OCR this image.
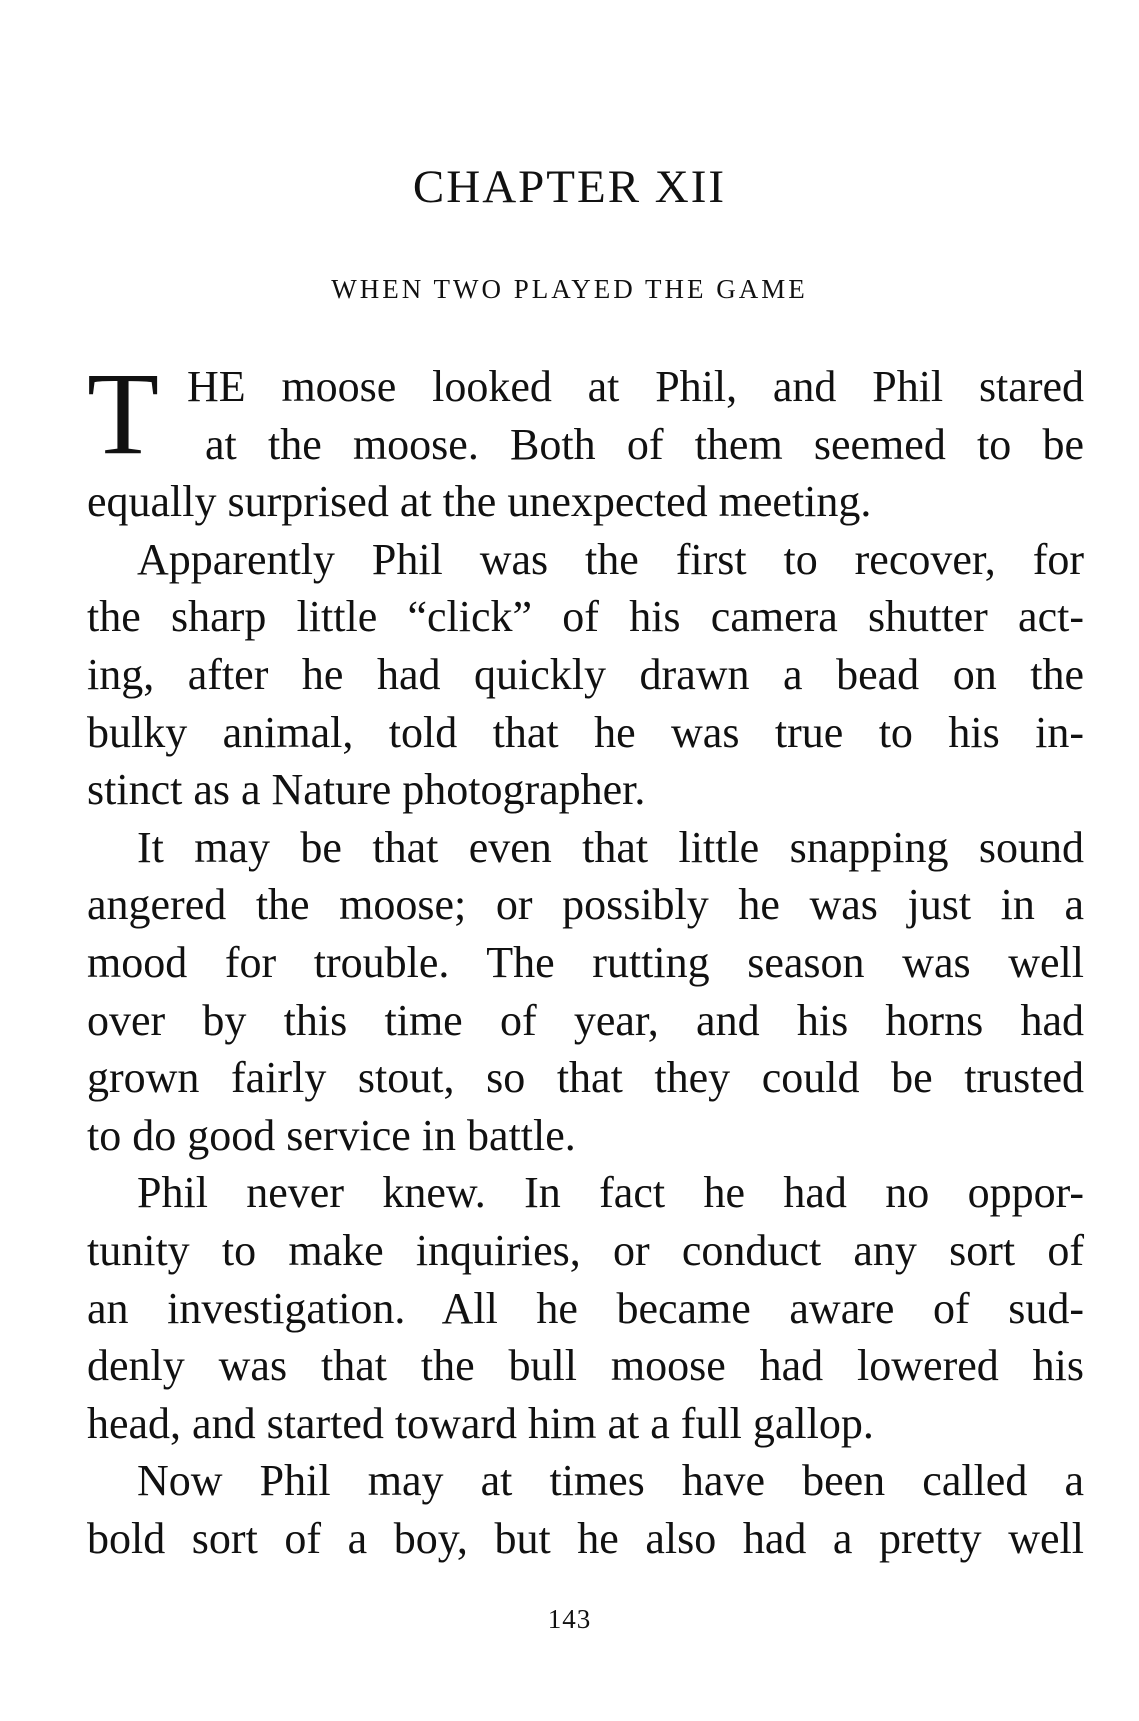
CHAPTER XII
WHEN TWO PLAYED THE GAME
T HE moose looked at Phil, and Phil stared
at the moose. Both of them seemed to be
equally surprised at the unexpected meeting.
Apparently Phil was the first to recover, for
the sharp little “click” of his camera shutter act-
ing, after he had quickly drawn a bead on the
bulky animal, told that he was true to his in-
stinct as a Nature photographer.
It may be that even that little snapping sound
angered the moose; or possibly he was just in a
mood for trouble. The rutting season was well
over by this time of year, and his horns had
grown fairly stout, so that they could be trusted
to do good service in battle.
Phil never knew. In fact he had no oppor-
tunity to make inquiries, or conduct any sort of
an investigation. All he became aware of sud-
denly was that the bull moose had lowered his
head, and started toward him at a full gallop.
Now Phil may at times have been called a
bold sort of a boy, but he also had a pretty well
143
